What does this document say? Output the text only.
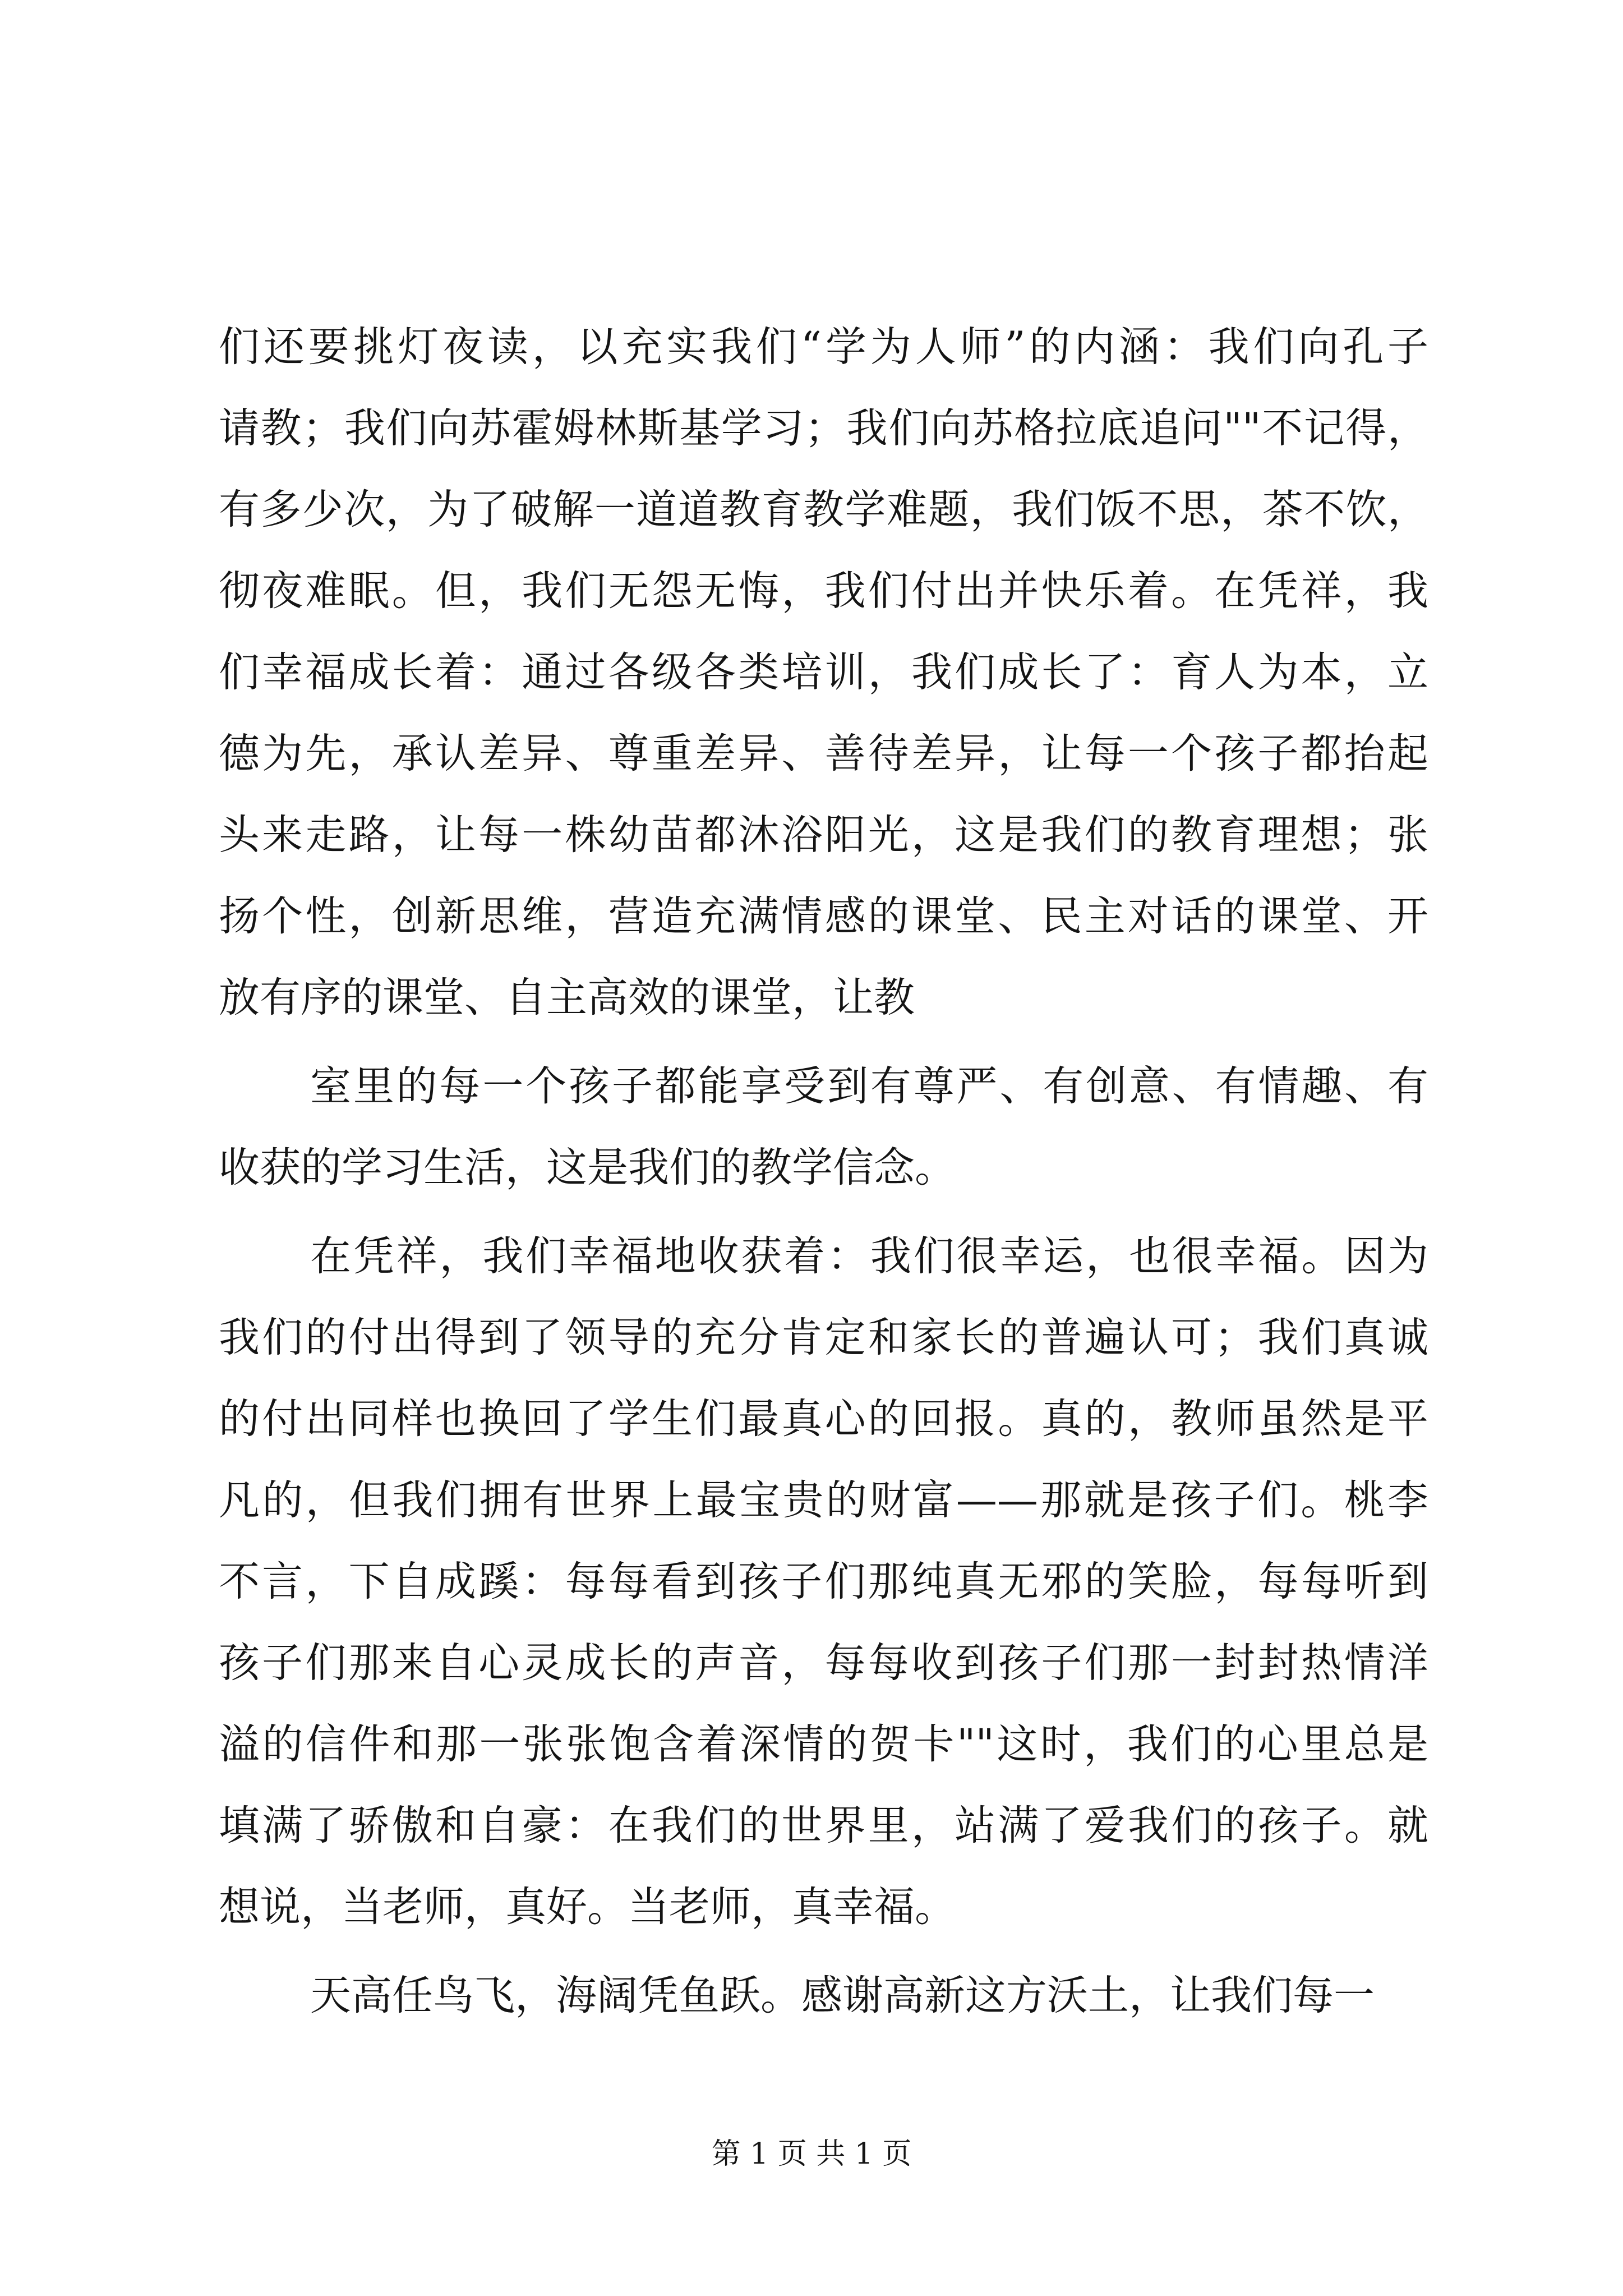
们还要挑灯夜读，以充实我们“学为人师”的内涵：我们向孔子
请教；我们向苏霍姆林斯基学习；我们向苏格拉底追问""不记得，
有多少次，为了破解一道道教育教学难题，我们饭不思，茶不饮，
彻夜难眠。但，我们无怨无悔，我们付出并快乐着。在凭祥，我
们幸福成长着：通过各级各类培训，我们成长了：育人为本，立
德为先，承认差异、尊重差异、善待差异，让每一个孩子都抬起
头来走路，让每一株幼苗都沐浴阳光，这是我们的教育理想；张
扬个性，创新思维，营造充满情感的课堂、民主对话的课堂、开
放有序的课堂、自主高效的课堂，让教
室里的每一个孩子都能享受到有尊严、有创意、有情趣、有
收获的学习生活，这是我们的教学信念。
在凭祥，我们幸福地收获着：我们很幸运，也很幸福。因为
我们的付出得到了领导的充分肯定和家长的普遍认可；我们真诚
的付出同样也换回了学生们最真心的回报。真的，教师虽然是平
凡的，但我们拥有世界上最宝贵的财富——那就是孩子们。桃李
不言，下自成蹊：每每看到孩子们那纯真无邪的笑脸，每每听到
孩子们那来自心灵成长的声音，每每收到孩子们那一封封热情洋
溢的信件和那一张张饱含着深情的贺卡""这时，我们的心里总是
填满了骄傲和自豪：在我们的世界里，站满了爱我们的孩子。就
想说，当老师，真好。当老师，真幸福。
天高任鸟飞，海阔凭鱼跃。感谢高新这方沃土，让我们每一
第 1 页 共 1 页
